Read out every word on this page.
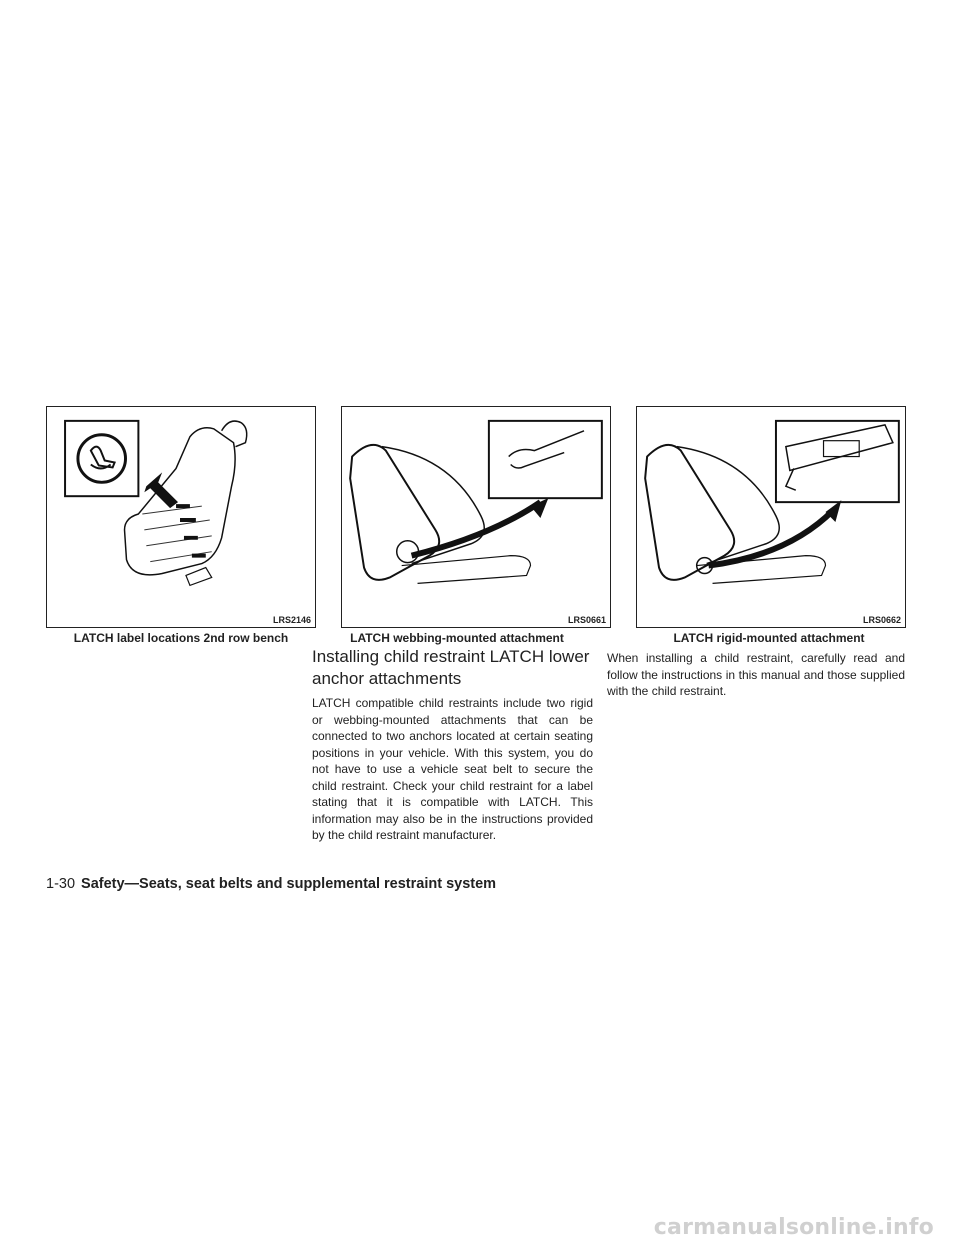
LRS2146
LATCH label locations 2nd row bench
LRS0661
LATCH webbing-mounted attachment
LRS0662
LATCH rigid-mounted attachment
Installing child restraint LATCH lower anchor attachments

LATCH compatible child restraints include two rigid or webbing-mounted attachments that can be connected to two anchors located at certain seating positions in your vehicle. With this system, you do not have to use a vehicle seat belt to secure the child restraint. Check your child restraint for a label stating that it is compatible with LATCH. This information may also be in the instructions provided by the child restraint manufacturer.

When installing a child restraint, carefully read and follow the instructions in this manual and those supplied with the child restraint.

1-30 Safety—Seats, seat belts and supplemental restraint system
carmanualsonline.info
